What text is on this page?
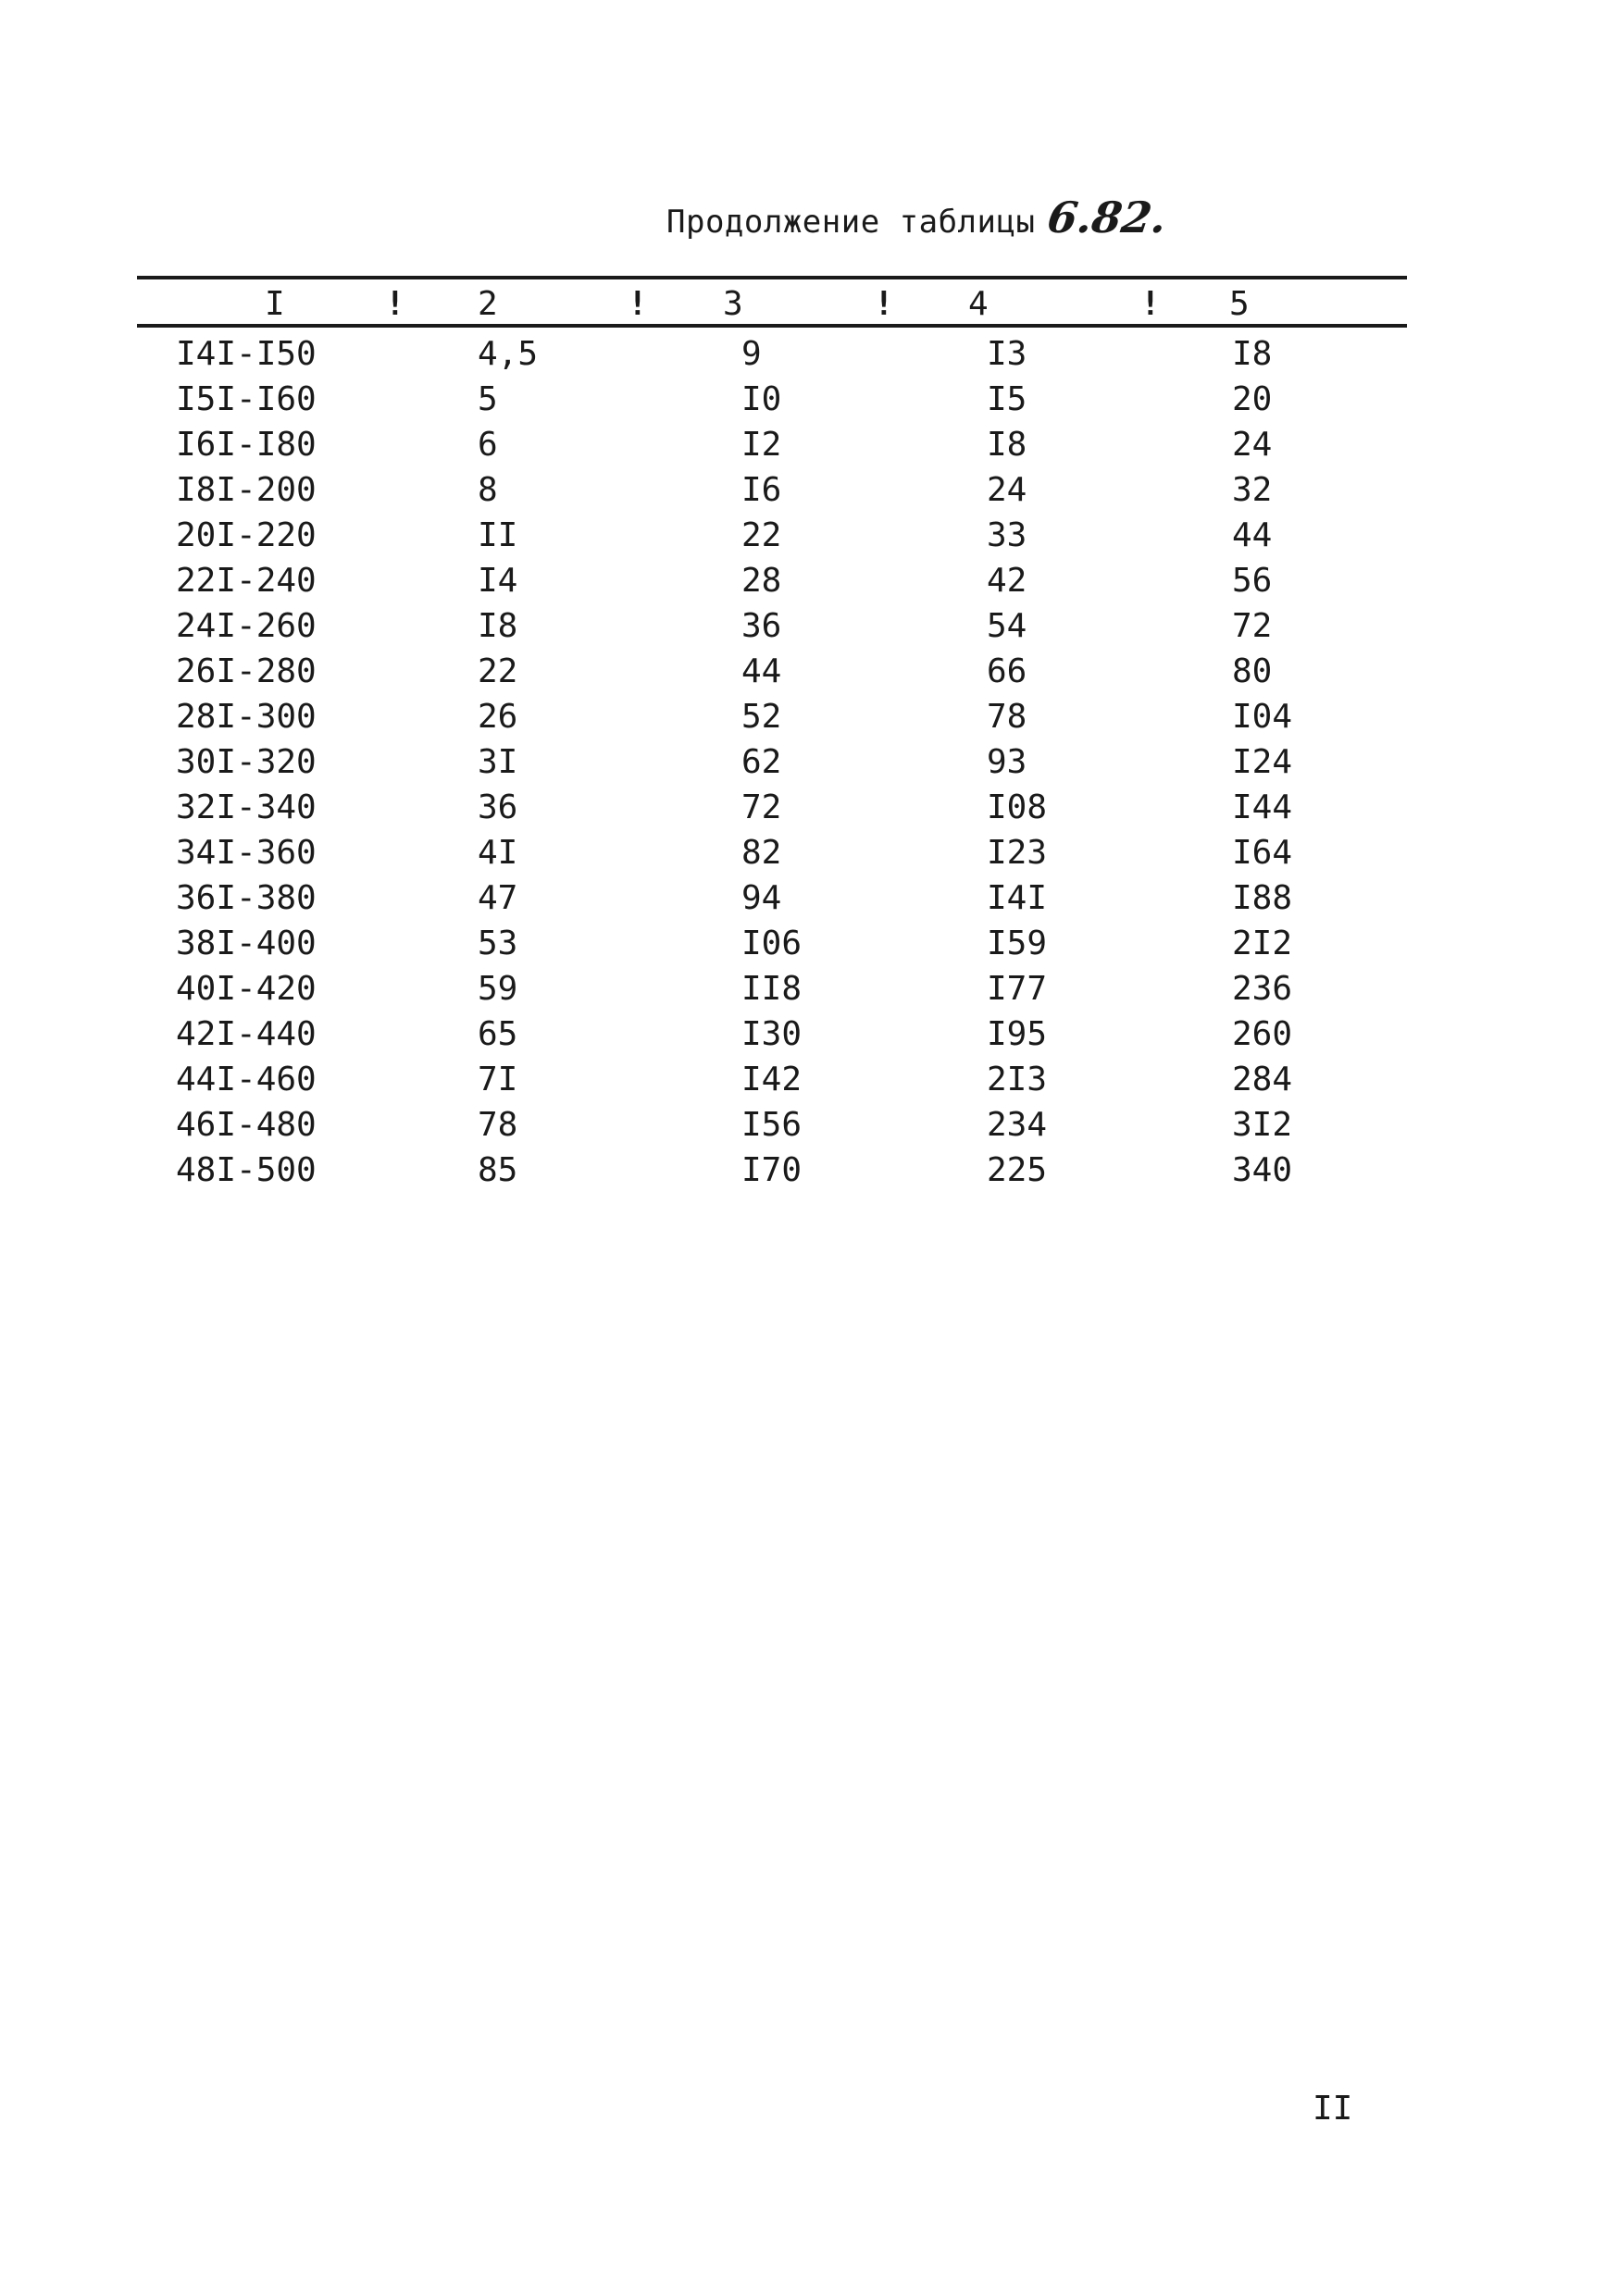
Продолжение таблицы 6.82.
I	! 2	! 3	! 4	! 5
I4I-I50	4,5	9	I3	I8
I5I-I60	5	I0	I5	20
I6I-I80	6	I2	I8	24
I8I-200	8	I6	24	32
20I-220	II	22	33	44
22I-240	I4	28	42	56
24I-260	I8	36	54	72
26I-280	22	44	66	80
28I-300	26	52	78	I04
30I-320	3I	62	93	I24
32I-340	36	72	I08	I44
34I-360	4I	82	I23	I64
36I-380	47	94	I4I	I88
38I-400	53	I06	I59	2I2
40I-420	59	II8	I77	236
42I-440	65	I30	I95	260
44I-460	7I	I42	2I3	284
46I-480	78	I56	234	3I2
48I-500	85	I70	225	340
II
